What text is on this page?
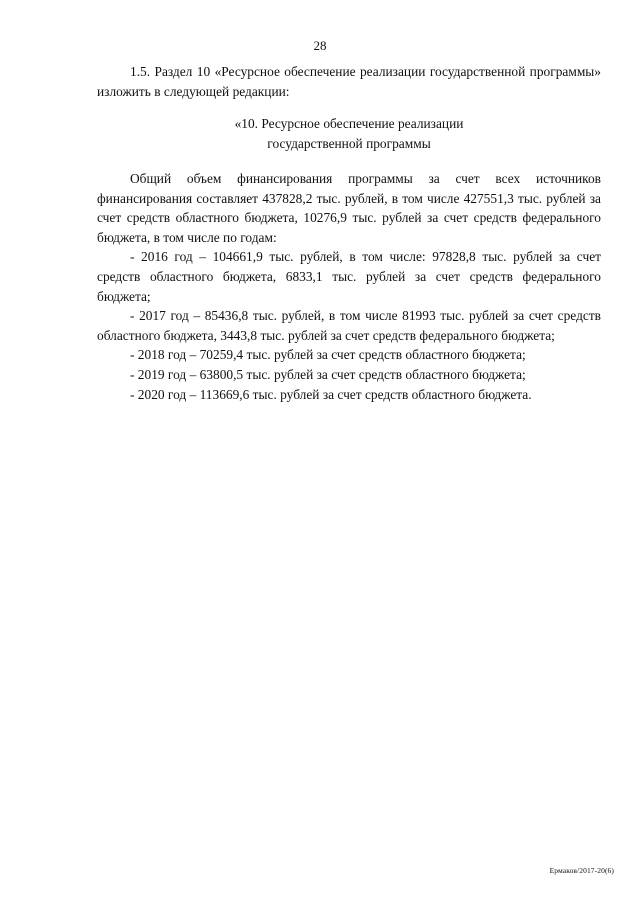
28

1.5. Раздел 10 «Ресурсное обеспечение реализации государственной программы» изложить в следующей редакции:

«10. Ресурсное обеспечение реализации
государственной программы

Общий объем финансирования программы за счет всех источников финансирования составляет 437828,2 тыс. рублей, в том числе 427551,3 тыс. рублей за счет средств областного бюджета, 10276,9 тыс. рублей за счет средств федерального бюджета, в том числе по годам:

- 2016 год – 104661,9 тыс. рублей, в том числе: 97828,8 тыс. рублей за счет средств областного бюджета, 6833,1 тыс. рублей за счет средств федерального бюджета;

- 2017 год – 85436,8 тыс. рублей, в том числе 81993 тыс. рублей за счет средств областного бюджета, 3443,8 тыс. рублей за счет средств федерального бюджета;

- 2018 год – 70259,4 тыс. рублей за счет средств областного бюджета;

- 2019 год – 63800,5 тыс. рублей за счет средств областного бюджета;

- 2020 год – 113669,6 тыс. рублей за счет средств областного бюджета.

Ермаков/2017-20(6)
